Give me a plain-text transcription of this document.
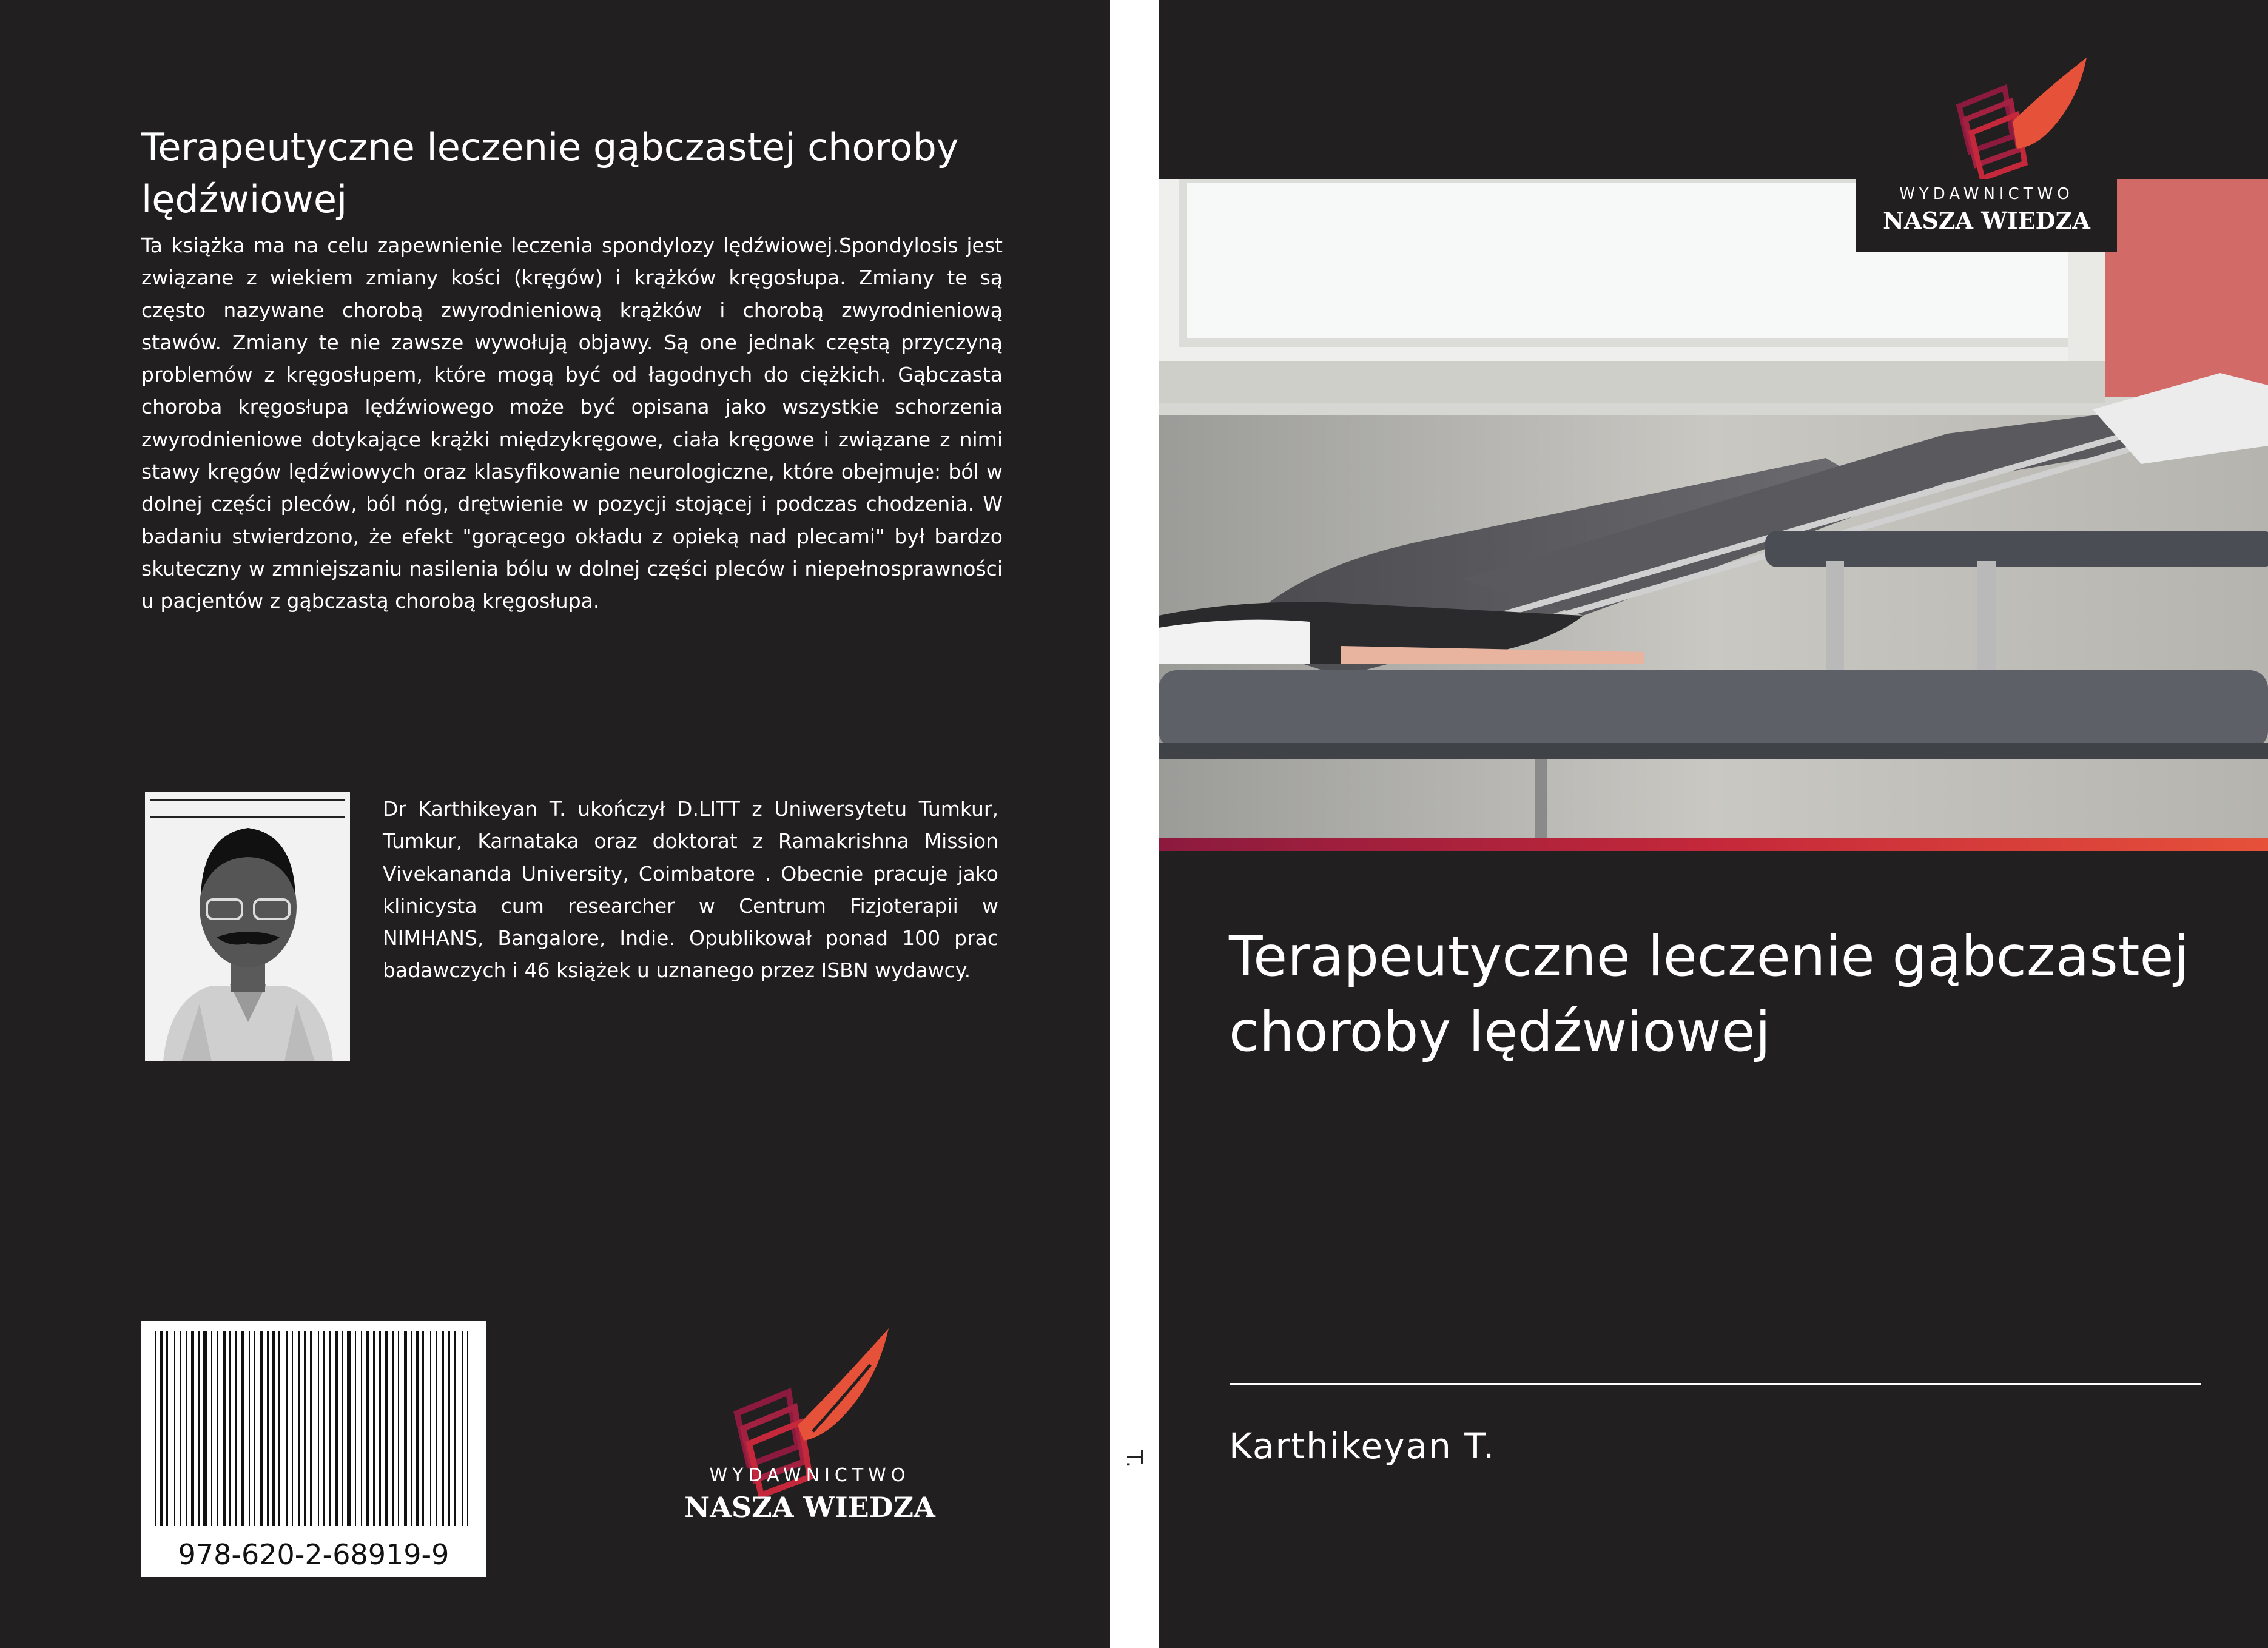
Terapeutyczne leczenie gąbczastej choroby lędźwiowej

Ta książka ma na celu zapewnienie leczenia spondylozy lędźwiowej.Spondylosis jest związane z wiekiem zmiany kości (kręgów) i krążków kręgosłupa. Zmiany te są często nazywane chorobą zwyrodnieniową krążków i chorobą zwyrodnieniową stawów. Zmiany te nie zawsze wywołują objawy. Są one jednak częstą przyczyną problemów z kręgosłupem, które mogą być od łagodnych do ciężkich. Gąbczasta choroba kręgosłupa lędźwiowego może być opisana jako wszystkie schorzenia zwyrodnieniowe dotykające krążki międzykręgowe, ciała kręgowe i związane z nimi stawy kręgów lędźwiowych oraz klasyfikowanie neurologiczne, które obejmuje: ból w dolnej części pleców, ból nóg, drętwienie w pozycji stojącej i podczas chodzenia. W badaniu stwierdzono, że efekt "gorącego okładu z opieką nad plecami" był bardzo skuteczny w zmniejszaniu nasilenia bólu w dolnej części pleców i niepełnosprawności u pacjentów z gąbczastą chorobą kręgosłupa.

Dr Karthikeyan T. ukończył D.LITT z Uniwersytetu Tumkur, Tumkur, Karnataka oraz doktorat z Ramakrishna Mission Vivekananda University, Coimbatore . Obecnie pracuje jako klinicysta cum researcher w Centrum Fizjoterapii w NIMHANS, Bangalore, Indie. Opublikował ponad 100 prac badawczych i 46 książek u uznanego przez ISBN wydawcy.

978-620-2-68919-9
WYDAWNICTWO
NASZA WIEDZA
T.
WYDAWNICTWO
NASZA WIEDZA
Terapeutyczne leczenie gąbczastej choroby lędźwiowej

Karthikeyan T.
